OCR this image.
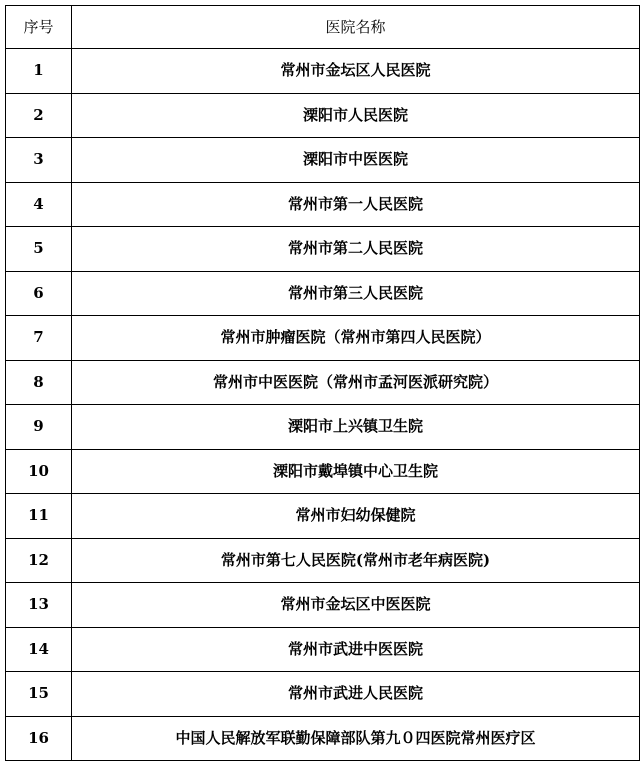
序号	医院名称
1	常州市金坛区人民医院
2	溧阳市人民医院
3	溧阳市中医医院
4	常州市第一人民医院
5	常州市第二人民医院
6	常州市第三人民医院
7	常州市肿瘤医院（常州市第四人民医院）
8	常州市中医医院（常州市孟河医派研究院）
9	溧阳市上兴镇卫生院
10	溧阳市戴埠镇中心卫生院
11	常州市妇幼保健院
12	常州市第七人民医院(常州市老年病医院)
13	常州市金坛区中医医院
14	常州市武进中医医院
15	常州市武进人民医院
16	中国人民解放军联勤保障部队第九０四医院常州医疗区
